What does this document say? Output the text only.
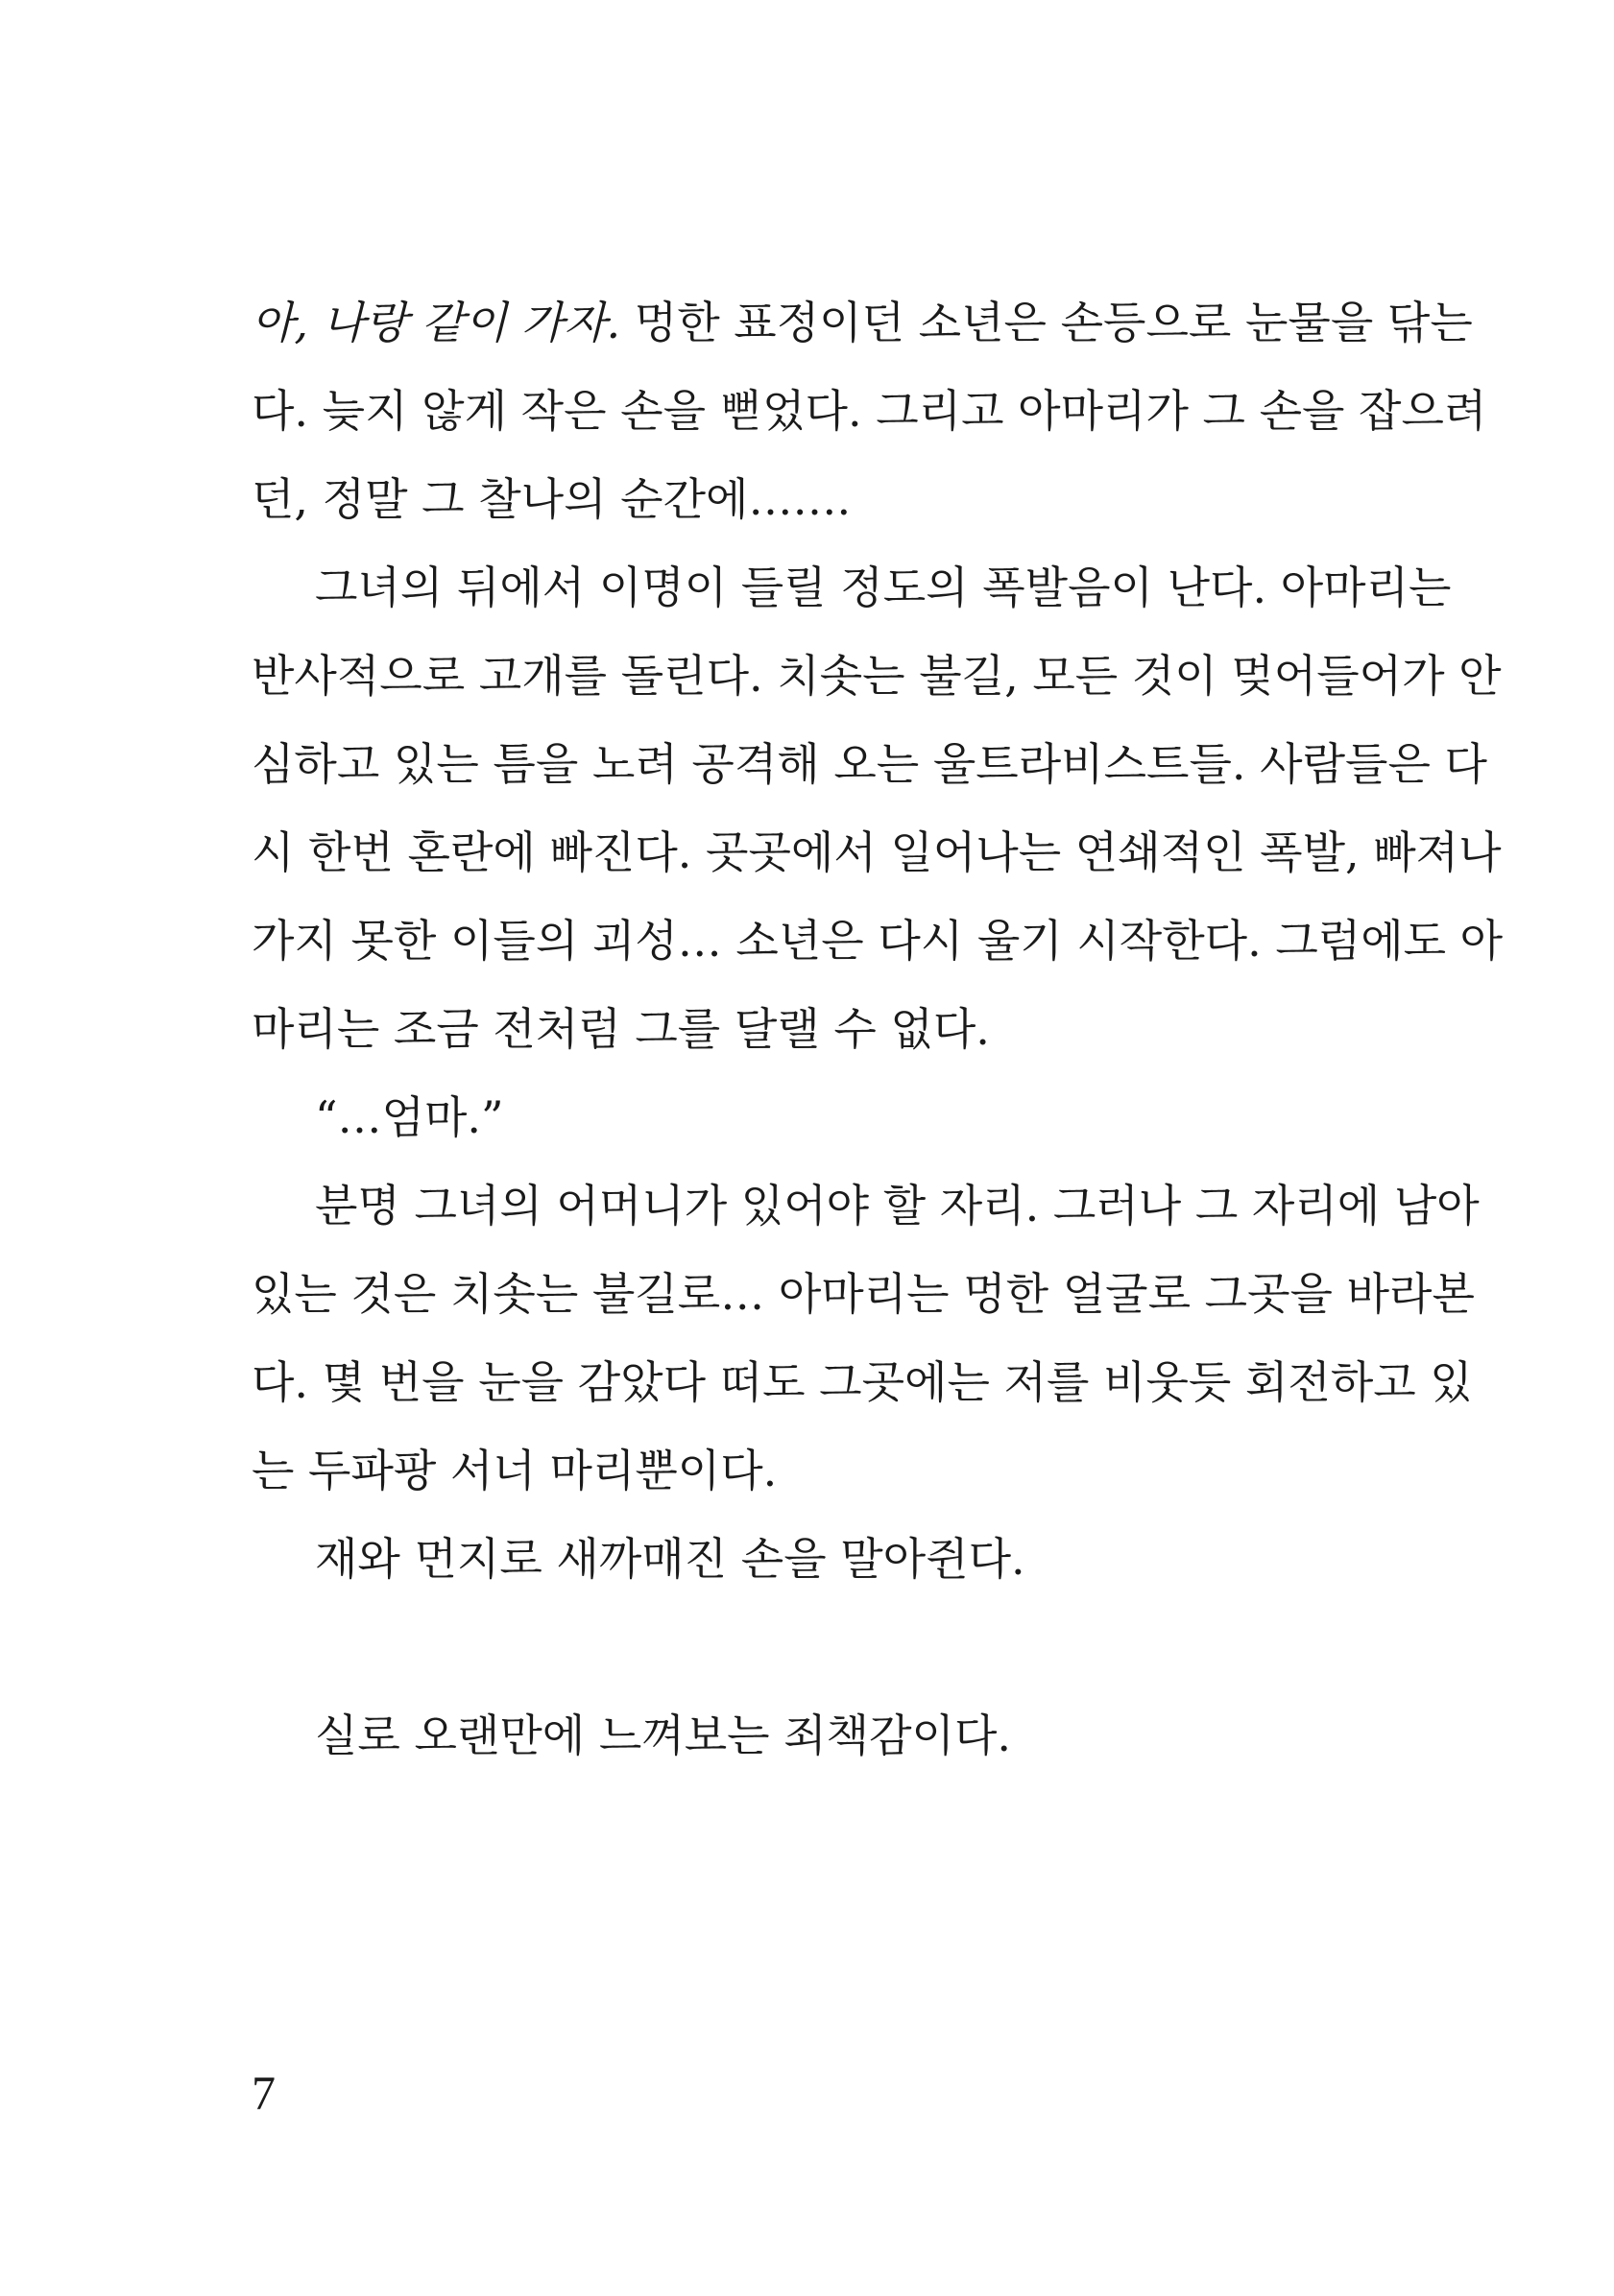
아, 나랑 같이 가자. 멍한 표정이던 소년은 손등으로 눈물을 닦는
다. 늦지 않게 작은 손을 뻗었다. 그리고 아마리가 그 손을 잡으려
던, 정말 그 찰나의 순간에…….
그녀의 뒤에서 이명이 들릴 정도의 폭발음이 난다. 아마리는
반사적으로 고개를 돌린다. 치솟는 불길, 모든 것이 멎어들어가 안
심하고 있는 틈을 노려 공격해 오는 울트라비스트들. 사람들은 다
시 한번 혼란에 빠진다. 곳곳에서 일어나는 연쇄적인 폭발, 빠져나
가지 못한 이들의 괴성… 소년은 다시 울기 시작한다. 그럼에도 아
마리는 조금 전처럼 그를 달랠 수 없다.
“…엄마.”
분명 그녀의 어머니가 있어야 할 자리. 그러나 그 자리에 남아
있는 것은 치솟는 불길로… 아마리는 멍한 얼굴로 그곳을 바라본
다. 몇 번을 눈을 감았다 떠도 그곳에는 저를 비웃듯 회전하고 있
는 두파팡 서너 마리뿐이다.
재와 먼지로 새까매진 손을 말아쥔다.
실로 오랜만에 느껴보는 죄책감이다.
7
